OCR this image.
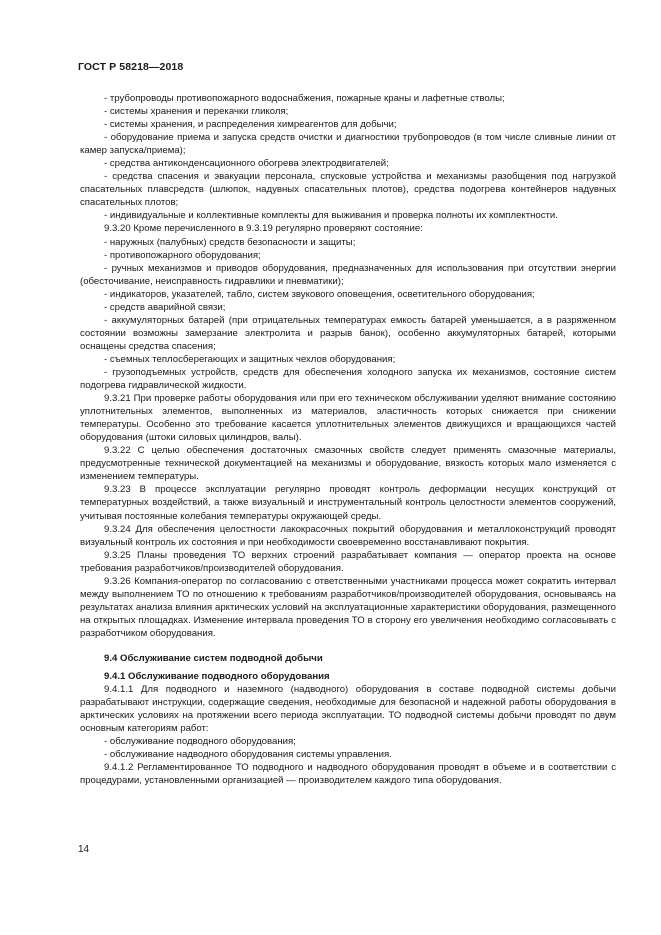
ГОСТ Р 58218—2018

- трубопроводы противопожарного водоснабжения, пожарные краны и лафетные стволы;

- системы хранения и перекачки гликоля;

- системы хранения, и распределения химреагентов для добычи;

- оборудование приема и запуска средств очистки и диагностики трубопроводов (в том числе сливные линии от камер запуска/приема);

- средства антиконденсационного обогрева электродвигателей;

- средства спасения и эвакуации персонала, спусковые устройства и механизмы разобщения под нагрузкой спасательных плавсредств (шлюпок, надувных спасательных плотов), средства подогрева контейнеров надувных спасательных плотов;

- индивидуальные и коллективные комплекты для выживания и проверка полноты их комплектности.

9.3.20 Кроме перечисленного в 9.3.19 регулярно проверяют состояние:

- наружных (палубных) средств безопасности и защиты;

- противопожарного оборудования;

- ручных механизмов и приводов оборудования, предназначенных для использования при отсутствии энергии (обесточивание, неисправность гидравлики и пневматики);

- индикаторов, указателей, табло, систем звукового оповещения, осветительного оборудования;

- средств аварийной связи;

- аккумуляторных батарей (при отрицательных температурах емкость батарей уменьшается, а в разряженном состоянии возможны замерзание электролита и разрыв банок), особенно аккумуляторных батарей, которыми оснащены средства спасения;

- съемных теплосберегающих и защитных чехлов оборудования;

- грузоподъемных устройств, средств для обеспечения холодного запуска их механизмов, состояние систем подогрева гидравлической жидкости.

9.3.21 При проверке работы оборудования или при его техническом обслуживании уделяют внимание состоянию уплотнительных элементов, выполненных из материалов, эластичность которых снижается при снижении температуры. Особенно это требование касается уплотнительных элементов движущихся и вращающихся частей оборудования (штоки силовых цилиндров, валы).

9.3.22 С целью обеспечения достаточных смазочных свойств следует применять смазочные материалы, предусмотренные технической документацией на механизмы и оборудование, вязкость которых мало изменяется с изменением температуры.

9.3.23 В процессе эксплуатации регулярно проводят контроль деформации несущих конструкций от температурных воздействий, а также визуальный и инструментальный контроль целостности элементов сооружений, учитывая постоянные колебания температуры окружающей среды.

9.3.24 Для обеспечения целостности лакокрасочных покрытий оборудования и металлоконструкций проводят визуальный контроль их состояния и при необходимости своевременно восстанавливают покрытия.

9.3.25 Планы проведения ТО верхних строений разрабатывает компания — оператор проекта на основе требования разработчиков/производителей оборудования.

9.3.26 Компания-оператор по согласованию с ответственными участниками процесса может сократить интервал между выполнением ТО по отношению к требованиям разработчиков/производителей оборудования, основываясь на результатах анализа влияния арктических условий на эксплуатационные характеристики оборудования, размещенного на открытых площадках. Изменение интервала проведения ТО в сторону его увеличения необходимо согласовывать с разработчиком оборудования.

9.4 Обслуживание систем подводной добычи

9.4.1 Обслуживание подводного оборудования

9.4.1.1 Для подводного и наземного (надводного) оборудования в составе подводной системы добычи разрабатывают инструкции, содержащие сведения, необходимые для безопасной и надежной работы оборудования в арктических условиях на протяжении всего периода эксплуатации. ТО подводной системы добычи проводят по двум основным категориям работ:

- обслуживание подводного оборудования;

- обслуживание надводного оборудования системы управления.

9.4.1.2 Регламентированное ТО подводного и надводного оборудования проводят в объеме и в соответствии с процедурами, установленными организацией — производителем каждого типа оборудования.

14
